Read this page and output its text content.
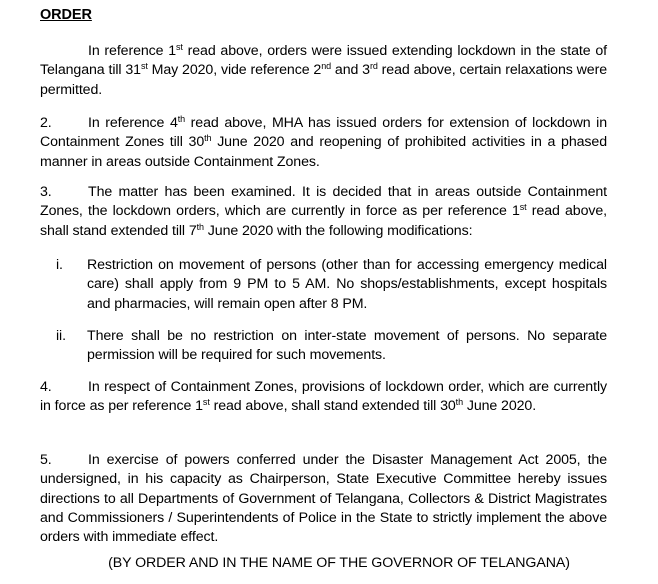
ORDER
In reference 1st read above, orders were issued extending lockdown in the state of Telangana till 31st May 2020, vide reference 2nd and 3rd read above, certain relaxations were permitted.
2.	In reference 4th read above, MHA has issued orders for extension of lockdown in Containment Zones till 30th June 2020 and reopening of prohibited activities in a phased manner in areas outside Containment Zones.
3.	The matter has been examined. It is decided that in areas outside Containment Zones, the lockdown orders, which are currently in force as per reference 1st read above, shall stand extended till 7th June 2020 with the following modifications:
i. Restriction on movement of persons (other than for accessing emergency medical care) shall apply from 9 PM to 5 AM. No shops/establishments, except hospitals and pharmacies, will remain open after 8 PM.
ii. There shall be no restriction on inter-state movement of persons. No separate permission will be required for such movements.
4.	In respect of Containment Zones, provisions of lockdown order, which are currently in force as per reference 1st read above, shall stand extended till 30th June 2020.
5.	In exercise of powers conferred under the Disaster Management Act 2005, the undersigned, in his capacity as Chairperson, State Executive Committee hereby issues directions to all Departments of Government of Telangana, Collectors & District Magistrates and Commissioners / Superintendents of Police in the State to strictly implement the above orders with immediate effect.
(BY ORDER AND IN THE NAME OF THE GOVERNOR OF TELANGANA)
